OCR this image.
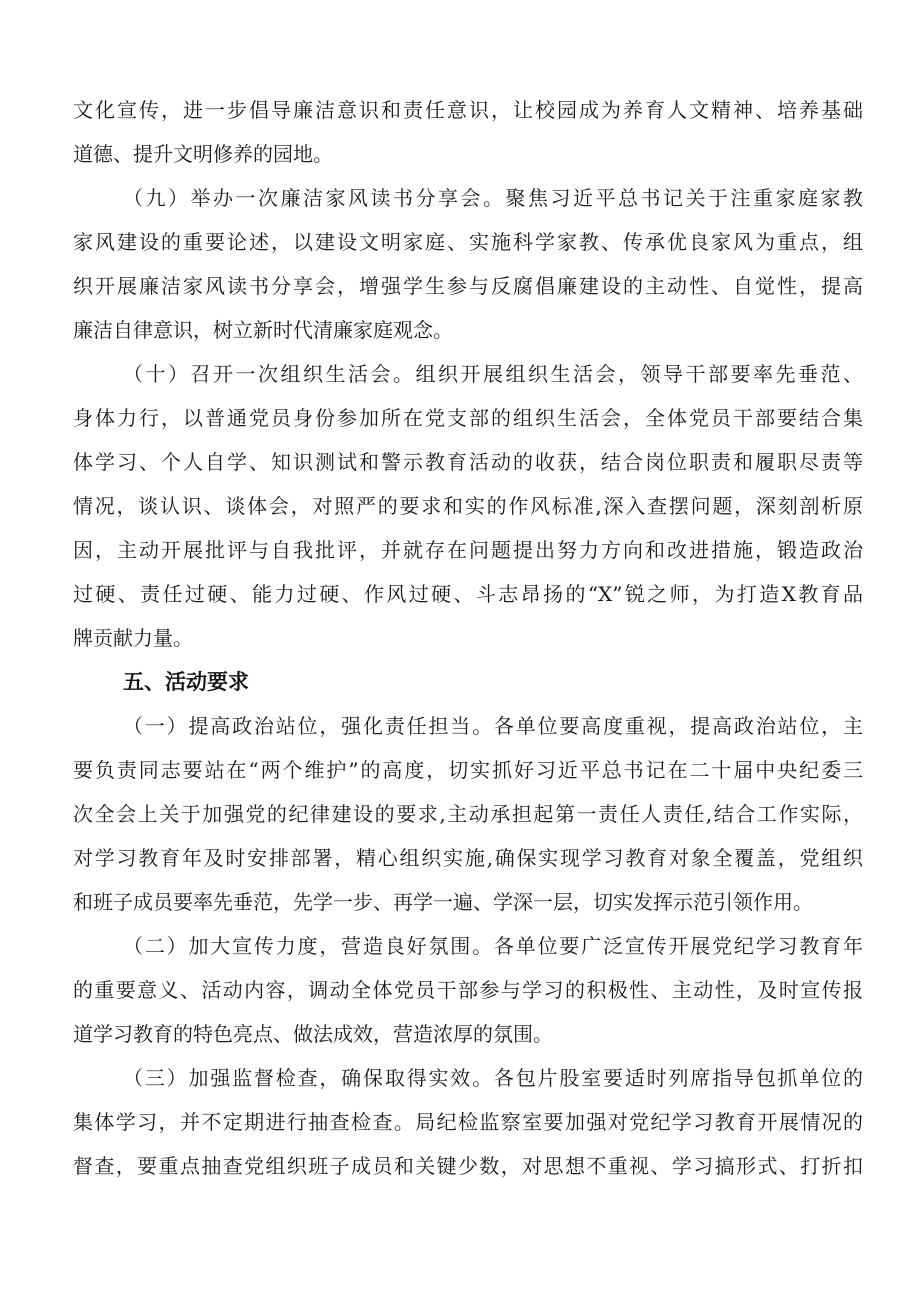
文化宣传，进一步倡导廉洁意识和责任意识，让校园成为养育人文精神、培养基础
道德、提升文明修养的园地。
（九）举办一次廉洁家风读书分享会。聚焦习近平总书记关于注重家庭家教
家风建设的重要论述，以建设文明家庭、实施科学家教、传承优良家风为重点，组
织开展廉洁家风读书分享会，增强学生参与反腐倡廉建设的主动性、自觉性，提高
廉洁自律意识，树立新时代清廉家庭观念。
（十）召开一次组织生活会。组织开展组织生活会，领导干部要率先垂范、
身体力行，以普通党员身份参加所在党支部的组织生活会，全体党员干部要结合集
体学习、个人自学、知识测试和警示教育活动的收获，结合岗位职责和履职尽责等
情况，谈认识、谈体会，对照严的要求和实的作风标准,深入查摆问题，深刻剖析原
因，主动开展批评与自我批评，并就存在问题提出努力方向和改进措施，锻造政治
过硬、责任过硬、能力过硬、作风过硬、斗志昂扬的“X”锐之师，为打造X教育品
牌贡献力量。
五、活动要求
（一）提高政治站位，强化责任担当。各单位要高度重视，提高政治站位，主
要负责同志要站在“两个维护”的高度，切实抓好习近平总书记在二十届中央纪委三
次全会上关于加强党的纪律建设的要求,主动承担起第一责任人责任,结合工作实际，
对学习教育年及时安排部署，精心组织实施,确保实现学习教育对象全覆盖，党组织
和班子成员要率先垂范，先学一步、再学一遍、学深一层，切实发挥示范引领作用。
（二）加大宣传力度，营造良好氛围。各单位要广泛宣传开展党纪学习教育年
的重要意义、活动内容，调动全体党员干部参与学习的积极性、主动性，及时宣传报
道学习教育的特色亮点、做法成效，营造浓厚的氛围。
（三）加强监督检查，确保取得实效。各包片股室要适时列席指导包抓单位的
集体学习，并不定期进行抽查检查。局纪检监察室要加强对党纪学习教育开展情况的
督查，要重点抽查党组织班子成员和关键少数，对思想不重视、学习搞形式、打折扣
